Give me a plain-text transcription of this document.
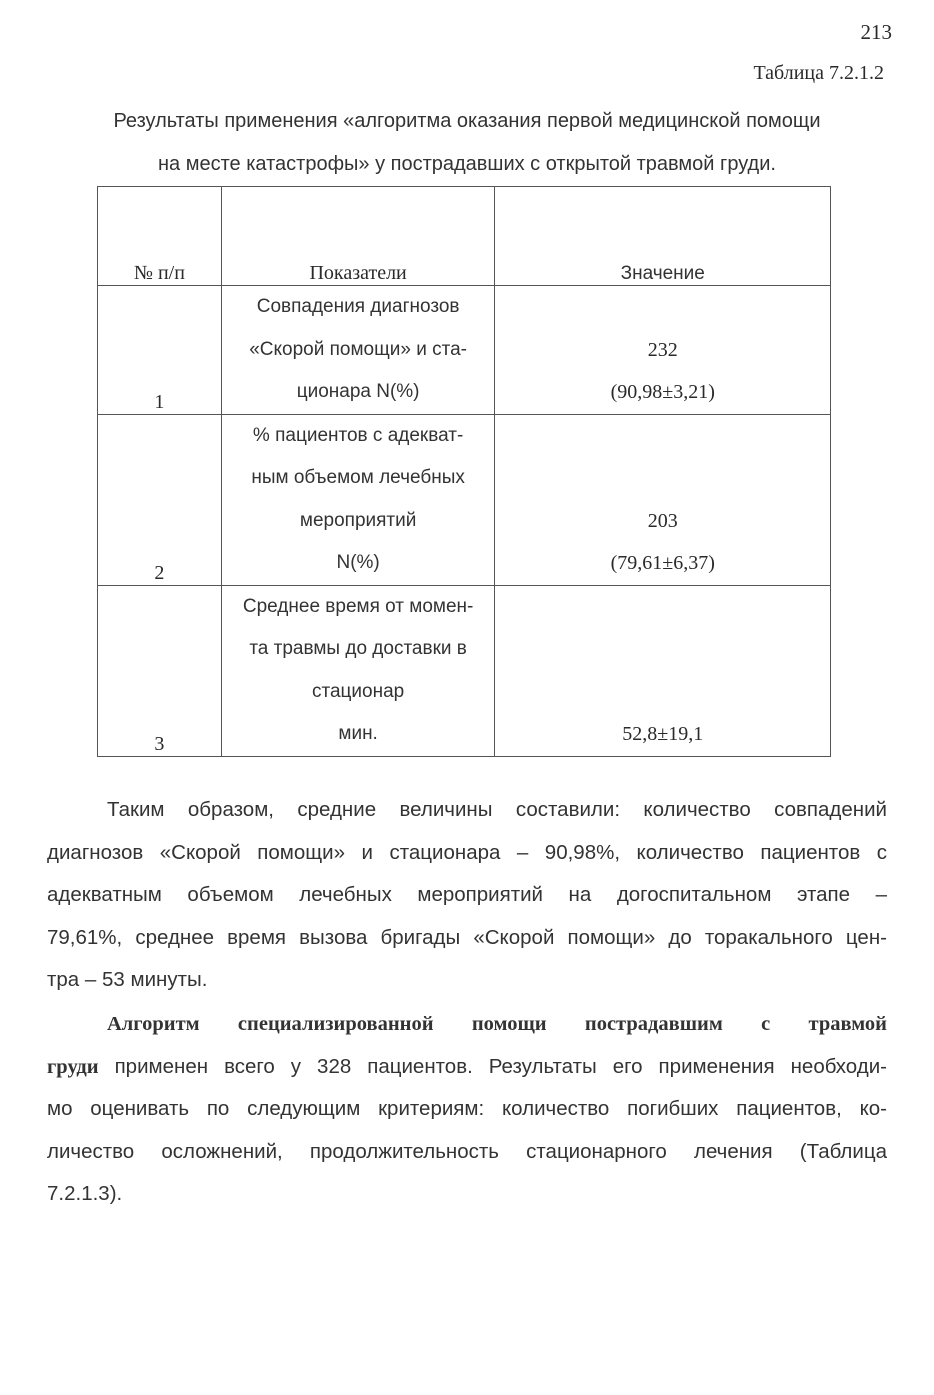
213
Таблица 7.2.1.2
Результаты применения «алгоритма оказания первой медицинской помощи
на месте катастрофы» у пострадавших с открытой травмой груди.
№ п/п	Показатели	Значение
1	Совпадения диагнозов
«Скорой помощи» и ста-
ционара N(%)	232
(90,98±3,21)

2	% пациентов с адекват-
ным объемом лечебных
мероприятий
N(%)	203
(79,61±6,37)

3	Среднее время от момен-
та травмы до доставки в
стационар
мин.	52,8±19,1
Таким образом, средние величины составили: количество совпадений
диагнозов «Скорой помощи» и стационара – 90,98%, количество пациентов с
адекватным объемом лечебных мероприятий на догоспитальном этапе –
79,61%, среднее время вызова бригады «Скорой помощи» до торакального цен-
тра – 53 минуты.
Алгоритм специализированной помощи пострадавшим с травмой
груди применен всего у 328 пациентов. Результаты его применения необходи-
мо оценивать по следующим критериям: количество погибших пациентов, ко-
личество осложнений, продолжительность стационарного лечения (Таблица
7.2.1.3).
